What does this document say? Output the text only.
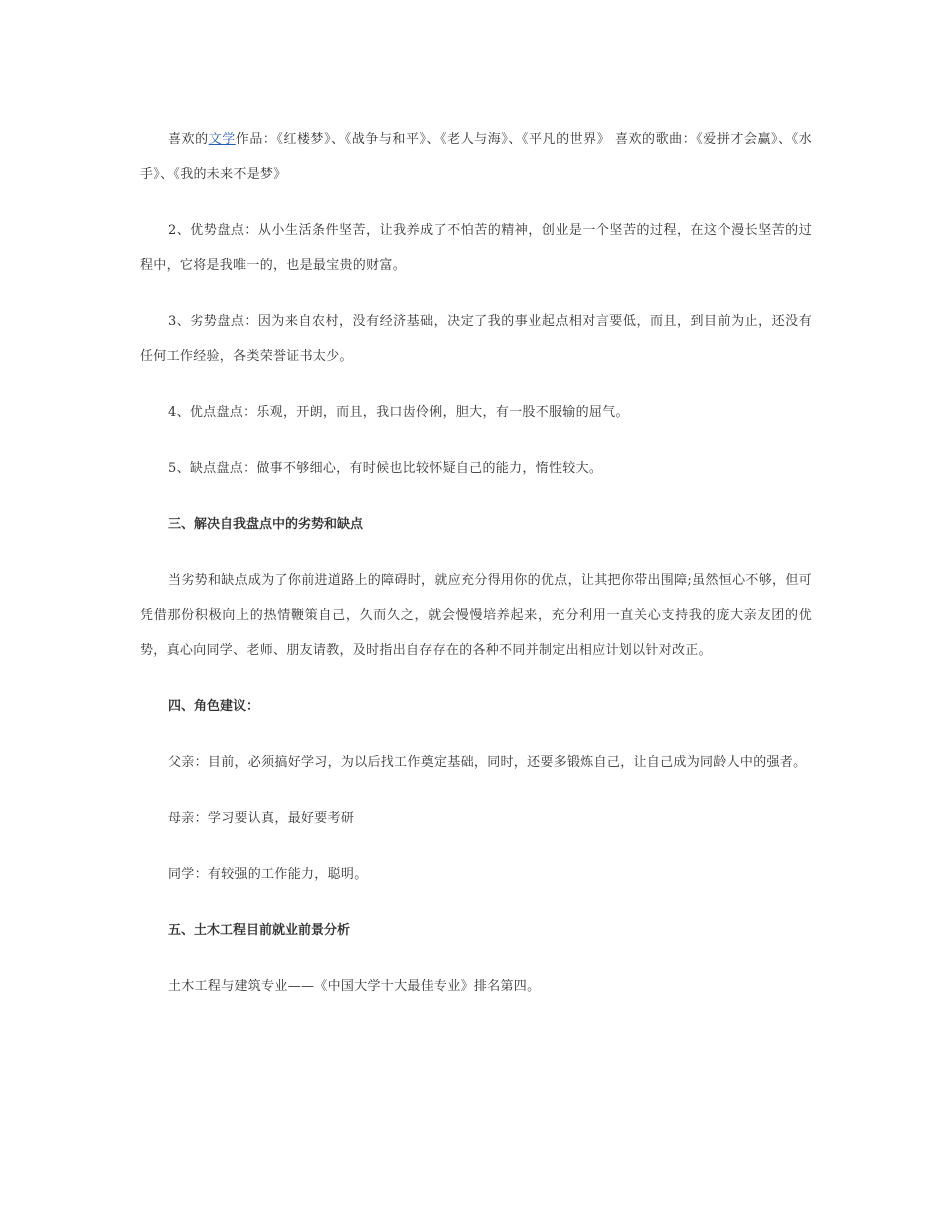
喜欢的文学作品：《红楼梦》、《战争与和平》、《老人与海》、《平凡的世界》 喜欢的歌曲：《爱拼才会赢》、《水手》、《我的未来不是梦》

2、优势盘点：从小生活条件坚苦，让我养成了不怕苦的精神，创业是一个坚苦的过程，在这个漫长坚苦的过程中，它将是我唯一的，也是最宝贵的财富。

3、劣势盘点：因为来自农村，没有经济基础，决定了我的事业起点相对言要低，而且，到目前为止，还没有任何工作经验，各类荣誉证书太少。

4、优点盘点：乐观，开朗，而且，我口齿伶俐，胆大，有一股不服输的屈气。

5、缺点盘点：做事不够细心，有时候也比较怀疑自己的能力，惰性较大。

三、解决自我盘点中的劣势和缺点

当劣势和缺点成为了你前进道路上的障碍时，就应充分得用你的优点，让其把你带出围障;虽然恒心不够，但可凭借那份积极向上的热情鞭策自己，久而久之，就会慢慢培养起来，充分利用一直关心支持我的庞大亲友团的优势，真心向同学、老师、朋友请教，及时指出自存存在的各种不同并制定出相应计划以针对改正。

四、角色建议：

父亲：目前，必须搞好学习，为以后找工作奠定基础，同时，还要多锻炼自己，让自己成为同龄人中的强者。

母亲：学习要认真，最好要考研

同学：有较强的工作能力，聪明。

五、土木工程目前就业前景分析

土木工程与建筑专业——《中国大学十大最佳专业》排名第四。
